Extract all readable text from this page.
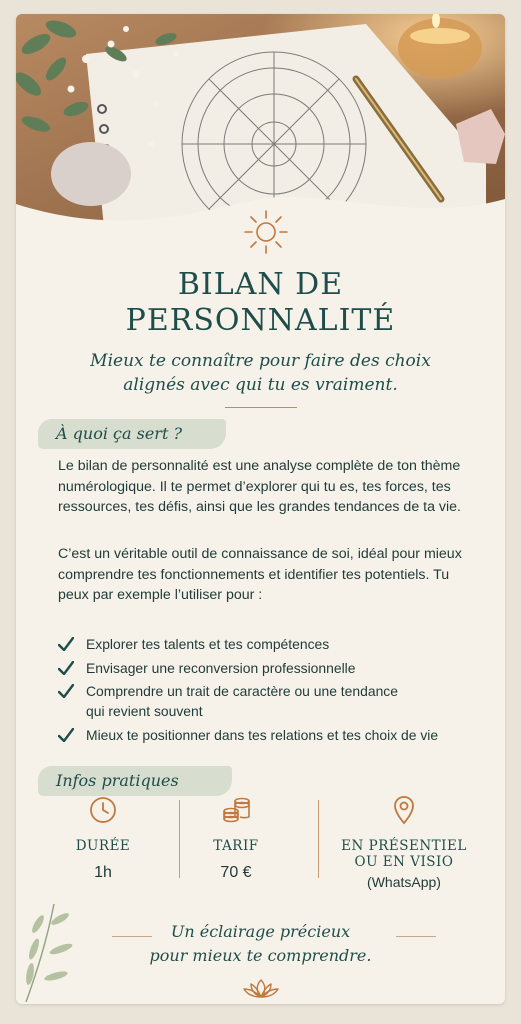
BILAN DE
PERSONNALITÉ
Mieux te connaître pour faire des choix
alignés avec qui tu es vraiment.
À quoi ça sert ?
Le bilan de personnalité est une analyse complète de ton thème numérologique. Il te permet d’explorer qui tu es, tes forces, tes ressources, tes défis, ainsi que les grandes tendances de ta vie.
C’est un véritable outil de connaissance de soi, idéal pour mieux comprendre tes fonctionnements et identifier tes potentiels. Tu peux par exemple l’utiliser pour :
Explorer tes talents et tes compétences
Envisager une reconversion professionnelle
Comprendre un trait de caractère ou une tendance qui revient souvent
Mieux te positionner dans tes relations et tes choix de vie
Infos pratiques
DURÉE
1h
TARIF
70 €
EN PRÉSENTIEL
OU EN VISIO
(WhatsApp)
Un éclairage précieux
pour mieux te comprendre.
